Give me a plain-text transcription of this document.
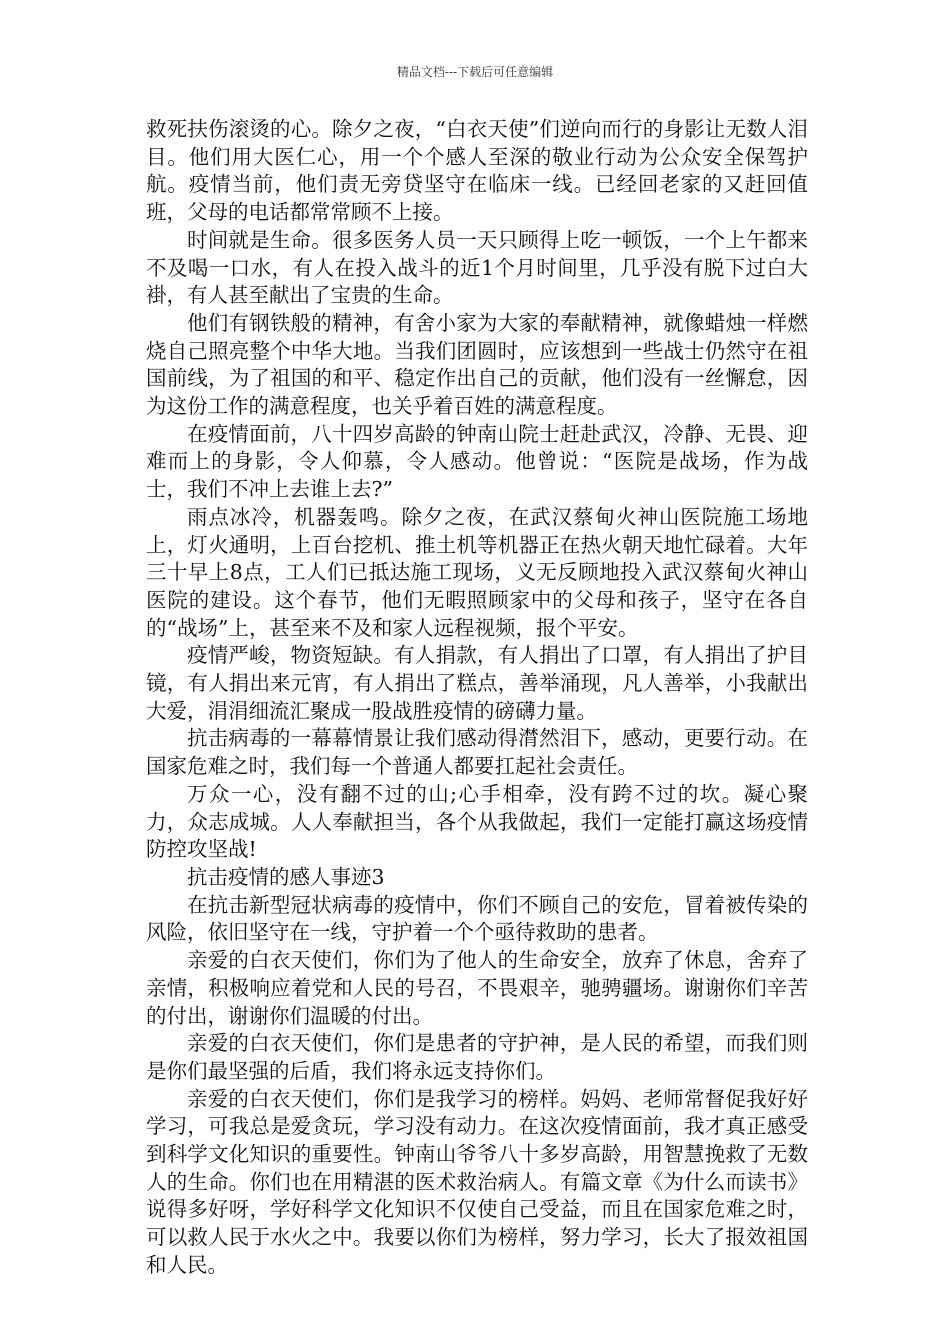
精品文档---下载后可任意编辑

救死扶伤滚烫的心。除夕之夜，“白衣天使”们逆向而行的身影让无数人泪目。他们用大医仁心，用一个个感人至深的敬业行动为公众安全保驾护航。疫情当前，他们责无旁贷坚守在临床一线。已经回老家的又赶回值班，父母的电话都常常顾不上接。

时间就是生命。很多医务人员一天只顾得上吃一顿饭，一个上午都来不及喝一口水，有人在投入战斗的近1个月时间里，几乎没有脱下过白大褂，有人甚至献出了宝贵的生命。

他们有钢铁般的精神，有舍小家为大家的奉献精神，就像蜡烛一样燃烧自己照亮整个中华大地。当我们团圆时，应该想到一些战士仍然守在祖国前线，为了祖国的和平、稳定作出自己的贡献，他们没有一丝懈怠，因为这份工作的满意程度，也关乎着百姓的满意程度。

在疫情面前，八十四岁高龄的钟南山院士赶赴武汉，冷静、无畏、迎难而上的身影，令人仰慕，令人感动。他曾说：“医院是战场，作为战士，我们不冲上去谁上去?”

雨点冰冷，机器轰鸣。除夕之夜，在武汉蔡甸火神山医院施工场地上，灯火通明，上百台挖机、推土机等机器正在热火朝天地忙碌着。大年三十早上8点，工人们已抵达施工现场，义无反顾地投入武汉蔡甸火神山医院的建设。这个春节，他们无暇照顾家中的父母和孩子，坚守在各自的“战场”上，甚至来不及和家人远程视频，报个平安。

疫情严峻，物资短缺。有人捐款，有人捐出了口罩，有人捐出了护目镜，有人捐出来元宵，有人捐出了糕点，善举涌现，凡人善举，小我献出大爱，涓涓细流汇聚成一股战胜疫情的磅礴力量。

抗击病毒的一幕幕情景让我们感动得潸然泪下，感动，更要行动。在国家危难之时，我们每一个普通人都要扛起社会责任。

万众一心，没有翻不过的山;心手相牵，没有跨不过的坎。凝心聚力，众志成城。人人奉献担当，各个从我做起，我们一定能打赢这场疫情防控攻坚战!

抗击疫情的感人事迹3

在抗击新型冠状病毒的疫情中，你们不顾自己的安危，冒着被传染的风险，依旧坚守在一线，守护着一个个亟待救助的患者。

亲爱的白衣天使们，你们为了他人的生命安全，放弃了休息，舍弃了亲情，积极响应着党和人民的号召，不畏艰辛，驰骋疆场。谢谢你们辛苦的付出，谢谢你们温暖的付出。

亲爱的白衣天使们，你们是患者的守护神，是人民的希望，而我们则是你们最坚强的后盾，我们将永远支持你们。

亲爱的白衣天使们，你们是我学习的榜样。妈妈、老师常督促我好好学习，可我总是爱贪玩，学习没有动力。在这次疫情面前，我才真正感受到科学文化知识的重要性。钟南山爷爷八十多岁高龄，用智慧挽救了无数人的生命。你们也在用精湛的医术救治病人。有篇文章《为什么而读书》说得多好呀，学好科学文化知识不仅使自己受益，而且在国家危难之时，可以救人民于水火之中。我要以你们为榜样，努力学习，长大了报效祖国和人民。
